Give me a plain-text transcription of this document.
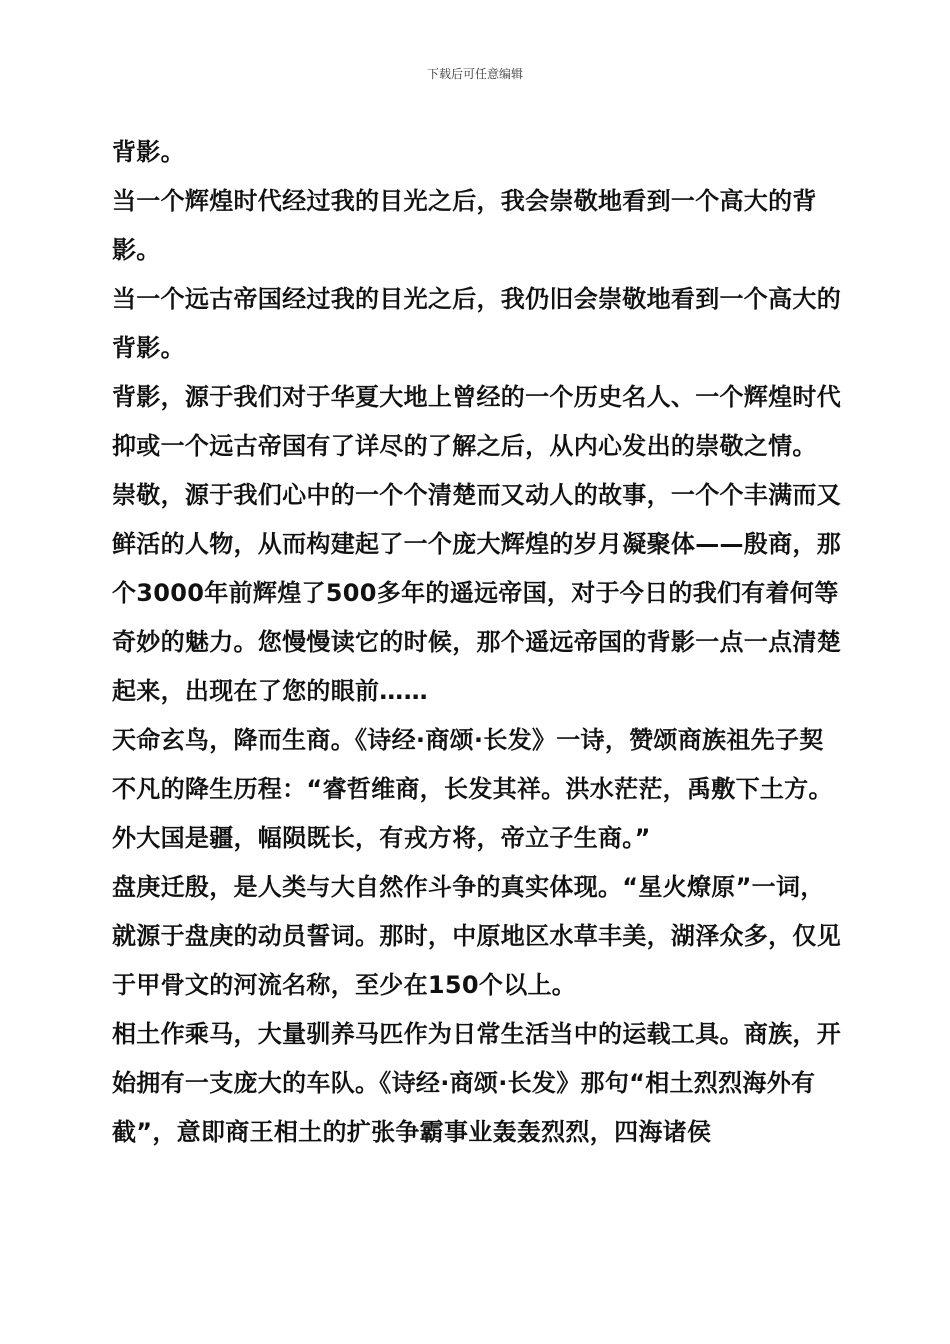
下载后可任意编辑

背影。

当一个辉煌时代经过我的目光之后，我会崇敬地看到一个高大的背影。

当一个远古帝国经过我的目光之后，我仍旧会崇敬地看到一个高大的背影。

背影，源于我们对于华夏大地上曾经的一个历史名人、一个辉煌时代抑或一个远古帝国有了详尽的了解之后，从内心发出的崇敬之情。

崇敬，源于我们心中的一个个清楚而又动人的故事，一个个丰满而又鲜活的人物，从而构建起了一个庞大辉煌的岁月凝聚体——殷商，那个3000年前辉煌了500多年的遥远帝国，对于今日的我们有着何等奇妙的魅力。您慢慢读它的时候，那个遥远帝国的背影一点一点清楚起来，出现在了您的眼前……

天命玄鸟，降而生商。《诗经·商颂·长发》一诗，赞颂商族祖先子契不凡的降生历程：“睿哲维商，长发其祥。洪水茫茫，禹敷下土方。外大国是疆，幅陨既长，有戎方将，帝立子生商。”

盘庚迁殷，是人类与大自然作斗争的真实体现。“星火燎原”一词，就源于盘庚的动员誓词。那时，中原地区水草丰美，湖泽众多，仅见于甲骨文的河流名称，至少在150个以上。

相土作乘马，大量驯养马匹作为日常生活当中的运载工具。商族，开始拥有一支庞大的车队。《诗经·商颂·长发》那句“相土烈烈海外有截”，意即商王相土的扩张争霸事业轰轰烈烈，四海诸侯
